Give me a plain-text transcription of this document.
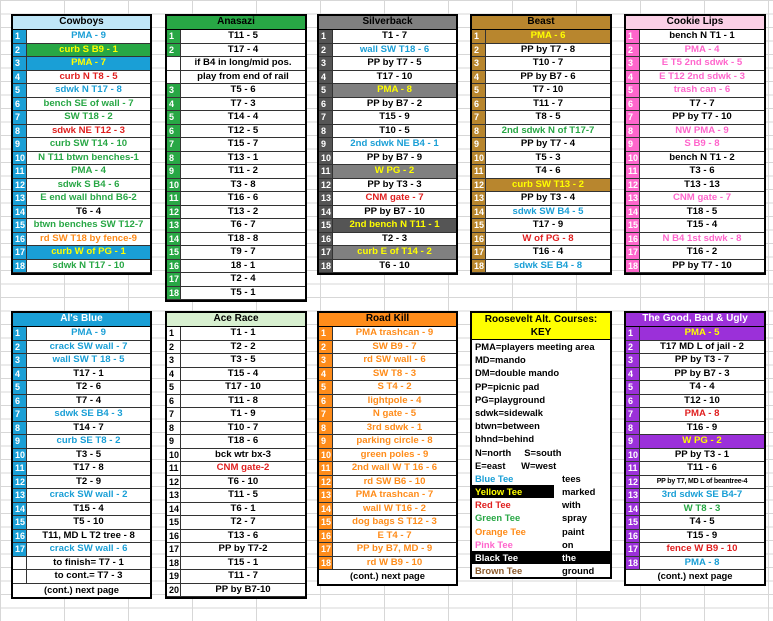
Cowboys
1	PMA - 9
2	curb S B9 - 1
3	PMA - 7
4	curb N T8 - 5
5	sdwk N T17 - 8
6	bench SE of wall - 7
7	SW T18 - 2
8	sdwk NE T12 - 3
9	curb SW T14 - 10
10	N T11 btwn benches-1
11	PMA - 4
12	sdwk S B4 - 6
13	E end wall bhnd B6-2
14	T6 - 4
15 btwn benches SW T12-7
16	rd SW T18 by fence-9
17	curb W of PG - 1
18	sdwk N T17 - 10
Anasazi
1	T11 - 5
2	T17 - 4
if B4 in long/mid pos.
play from end of rail
3	T5 - 6
4	T7 - 3
5	T14 - 4
6	T12 - 5
7	T15 - 7
8	T13 - 1
9	T11 - 2
10	T3 - 8
11	T16 - 6
12	T13 - 2
13	T6 - 7
14	T18 - 8
15	T9 - 7
16	18 - 1
17	T2 - 4
18	T5 - 1
Silverback
1	T1 - 7
2	wall SW T18 - 6
3	PP by T7 - 5
4	T17 - 10
5	PMA - 8
6	PP by B7 - 2
7	T15 - 9
8	T10 - 5
9	2nd sdwk NE B4 - 1
10	PP by B7 - 9
11	W PG - 2
12	PP by T3 - 3
13	CNM gate - 7
14	PP by B7 - 10
15	2nd bench N T11 - 1
16	T2 - 3
17	curb E of T14 - 2
18	T6 - 10
Beast
1	PMA - 6
2	PP by T7 - 8
3	T10 - 7
4	PP by B7 - 6
5	T7 - 10
6	T11 - 7
7	T8 - 5
8	2nd sdwk N of T17-7
9	PP by T7 - 4
10	T5 - 3
11	T4 - 6
12	curb SW T13 - 2
13	PP by T3 - 4
14	sdwk SW B4 - 5
15	T17 - 9
16	W of PG - 8
17	T16 - 4
18	sdwk SE B4 - 8
Cookie Lips
1	bench N T1 - 1
2	PMA - 4
3	E T5 2nd sdwk - 5
4	E T12 2nd sdwk - 3
5	trash can - 6
6	T7 - 7
7	PP by T7 - 10
8	NW PMA - 9
9	S B9 - 8
10	bench N T1 - 2
11	T3 - 6
12	T13 - 13
13	CNM gate - 7
14	T18 - 5
15	T15 - 4
16	N B4 1st sdwk - 8
17	T16 - 2
18	PP by T7 - 10
Al's Blue
1	PMA - 9
2	crack SW wall - 7
3	wall SW T 18 - 5
4	T17 - 1
5	T2 - 6
6	T7 - 4
7	sdwk SE B4 - 3
8	T14 - 7
9	curb SE T8 - 2
10	T3 - 5
11	T17 - 8
12	T2 - 9
13	crack SW wall - 2
14	T15 - 4
15	T5 - 10
16	T11, MD L T2 tree - 8
17	crack SW wall - 6
to finish= T7 - 1
to cont.= T7 - 3
(cont.) next page
Ace Race
1	T1 - 1
2	T2 - 2
3	T3 - 5
4	T15 - 4
5	T17 - 10
6	T11 - 8
7	T1 - 9
8	T10 - 7
9	T18 - 6
10	bck wtr bx-3
11	CNM gate-2
12	T6 - 10
13	T11 - 5
14	T6 - 1
15	T2 - 7
16	T13 - 6
17	PP by T7-2
18	T15 - 1
19	T11 - 7
20	PP by B7-10
Road Kill
1	PMA trashcan - 9
2	SW B9 - 7
3	rd SW wall - 6
4	SW T8 - 3
5	S T4 - 2
6	lightpole - 4
7	N gate - 5
8	3rd sdwk - 1
9	parking circle - 8
10	green poles - 9
11	2nd wall W T 16 - 6
12	rd SW B6 - 10
13	PMA trashcan - 7
14	wall W T16 - 2
15	dog bags S T12 - 3
16	E T4 - 7
17	PP by B7, MD - 9
18	rd W B9 - 10
(cont.) next page
The Good, Bad & Ugly
1	PMA - 5
2	T17 MD L of jail - 2
3	PP by T3 - 7
4	PP by B7 - 3
5	T4 - 4
6	T12 - 10
7	PMA - 8
8	T16 - 9
9	W PG - 2
10	PP by T3 - 1
11	T11 - 6
12	PP by T7, MD L of beantree-4
13	3rd sdwk SE B4-7
14	W T8 - 3
15	T4 - 5
16	T15 - 9
17	fence W B9 - 10
18	PMA - 8
(cont.) next page
Roosevelt Alt. Courses:
KEY
PMA=players meeting area
MD=mando
DM=double mando
PP=picnic pad
PG=playground
sdwk=sidewalk
btwn=between
bhnd=behind
N=north     S=south
E=east      W=west
Blue Tee	tees
Yellow Tee	marked
Red Tee	with
Green Tee	spray
Orange Tee	paint
Pink Tee	on
Black Tee	the
Brown Tee	ground
